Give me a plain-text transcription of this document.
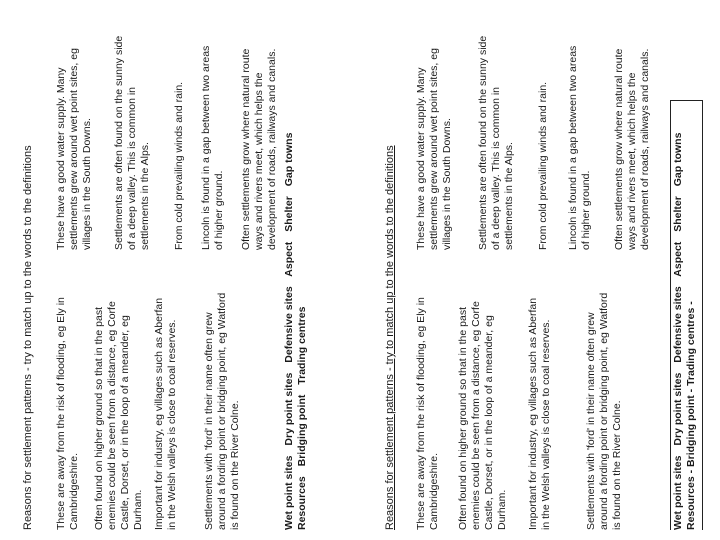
Reasons for settlement patterns - try to match up to the words to the definitions These are away from the risk of flooding, eg Ely in Cambridgeshire. Often found on higher ground so that in the past enemies could be seen from a distance, eg Corfe Castle, Dorset, or in the loop of a meander, eg Durham. Important for industry, eg villages such as Aberfan in the Welsh valleys is close to coal reserves. Settlements with 'ford' in their name often grew around a fording point or bridging point, eg Watford is found on the River Colne.

These have a good water supply. Many settlements grew around wet point sites, eg villages in the South Downs. Settlements are often found on the sunny side of a deep valley. This is common in settlements in the Alps. From cold prevailing winds and rain. Lincoln is found in a gap between two areas of higher ground. Often settlements grow where natural route ways and rivers meet, which helps the development of roads, railways and canals.

Wet point sites Dry point sites Defensive sites Aspect Shelter Gap towns
Resources Bridging point Trading centres	Reasons for settlement patterns - try to match up to the words to the definitions These are away from the risk of flooding, eg Ely in Cambridgeshire. Often found on higher ground so that in the past enemies could be seen from a distance, eg Corfe Castle, Dorset, or in the loop of a meander, eg Durham. Important for industry, eg villages such as Aberfan in the Welsh valleys is close to coal reserves.	Settlements with 'ford' in their name often grew around a fording point or bridging point, eg Watford is found on the River Colne.

These have a good water supply. Many settlements grew around wet point sites, eg villages in the South Downs. Settlements are often found on the sunny side of a deep valley. This is common in settlements in the Alps. From cold prevailing winds and rain. Lincoln is found in a gap between two areas of higher ground. Often settlements grow where natural route ways and rivers meet, which helps the development of roads, railways and canals.

Wet point sites Dry point sites Defensive sites Aspect Shelter Gap towns
Resources - Bridging point - Trading centres -
